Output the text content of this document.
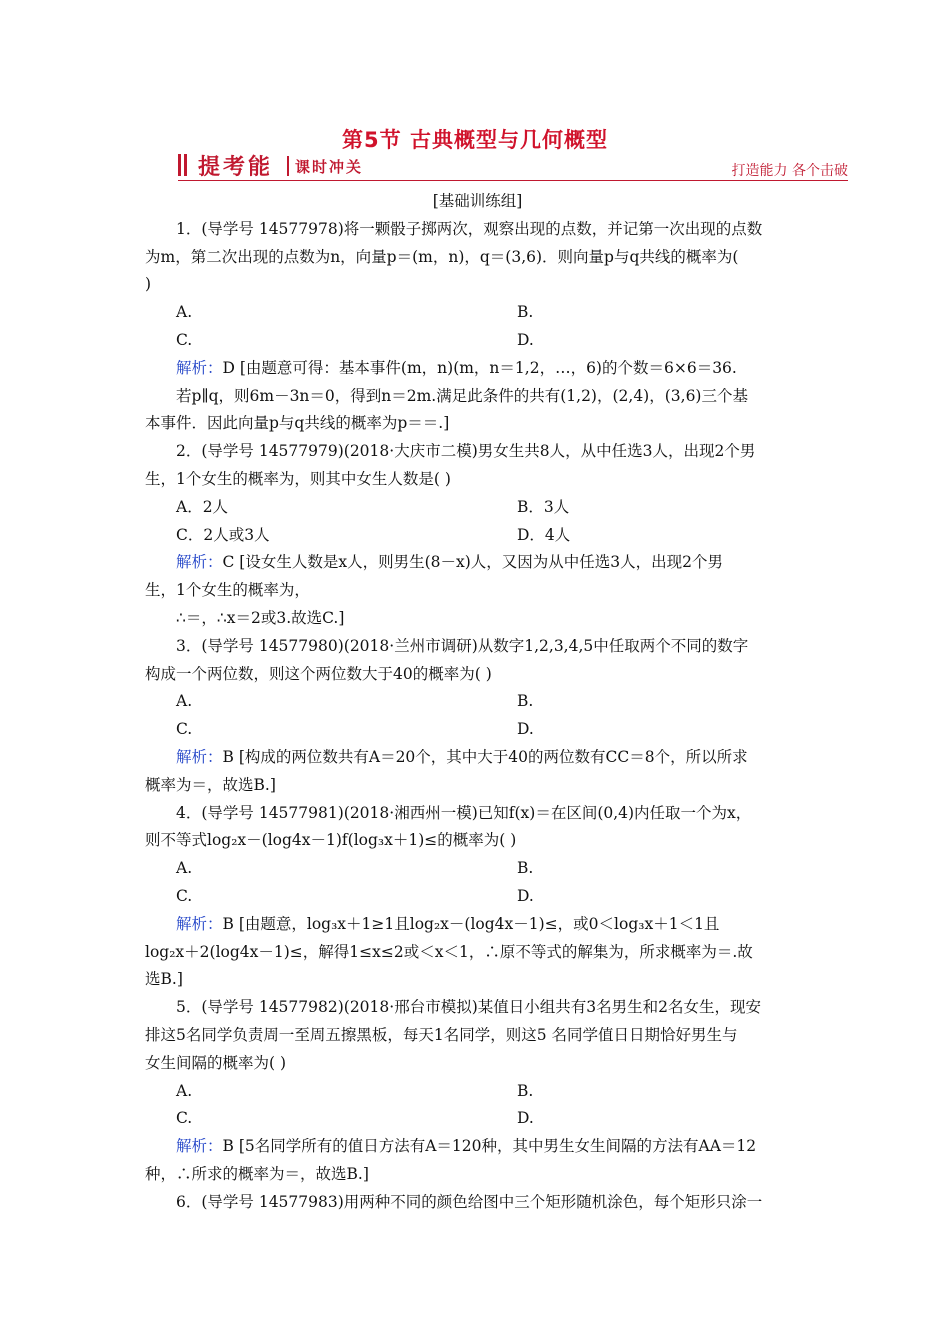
第5节 古典概型与几何概型
提考能 课时冲关	打造能力 各个击破
[基础训练组]
1．(导学号 14577978)将一颗骰子掷两次，观察出现的点数，并记第一次出现的点数
为m，第二次出现的点数为n，向量p＝(m，n)，q＝(3,6)．则向量p与q共线的概率为(
)
A.	B.
C.	D.
解析：D [由题意可得：基本事件(m，n)(m，n＝1,2，…，6)的个数＝6×6＝36.
若p∥q，则6m－3n＝0，得到n＝2m.满足此条件的共有(1,2)，(2,4)，(3,6)三个基
本事件．因此向量p与q共线的概率为p＝＝.]
2．(导学号 14577979)(2018·大庆市二模)男女生共8人，从中任选3人，出现2个男
生，1个女生的概率为，则其中女生人数是( )
A．2人	B．3人
C．2人或3人	D．4人
解析：C [设女生人数是x人，则男生(8－x)人，又因为从中任选3人，出现2个男
生，1个女生的概率为，
∴＝，∴x＝2或3.故选C.]
3．(导学号 14577980)(2018·兰州市调研)从数字1,2,3,4,5中任取两个不同的数字
构成一个两位数，则这个两位数大于40的概率为( )
A.	B.
C.	D.
解析：B [构成的两位数共有A＝20个，其中大于40的两位数有CC＝8个，所以所求
概率为＝，故选B.]
4．(导学号 14577981)(2018·湘西州一模)已知f(x)＝在区间(0,4)内任取一个为x，
则不等式log₂x－(log4x－1)f(log₃x＋1)≤的概率为( )
A.	B.
C.	D.
解析：B [由题意，log₃x＋1≥1且log₂x－(log4x－1)≤，或0＜log₃x＋1＜1且
log₂x＋2(log4x－1)≤，解得1≤x≤2或＜x＜1，∴原不等式的解集为，所求概率为＝.故
选B.]
5．(导学号 14577982)(2018·邢台市模拟)某值日小组共有3名男生和2名女生，现安
排这5名同学负责周一至周五擦黑板，每天1名同学，则这5 名同学值日日期恰好男生与
女生间隔的概率为( )
A.	B.
C.	D.
解析：B [5名同学所有的值日方法有A＝120种，其中男生女生间隔的方法有AA＝12
种，∴所求的概率为＝，故选B.]
6．(导学号 14577983)用两种不同的颜色给图中三个矩形随机涂色，每个矩形只涂一
